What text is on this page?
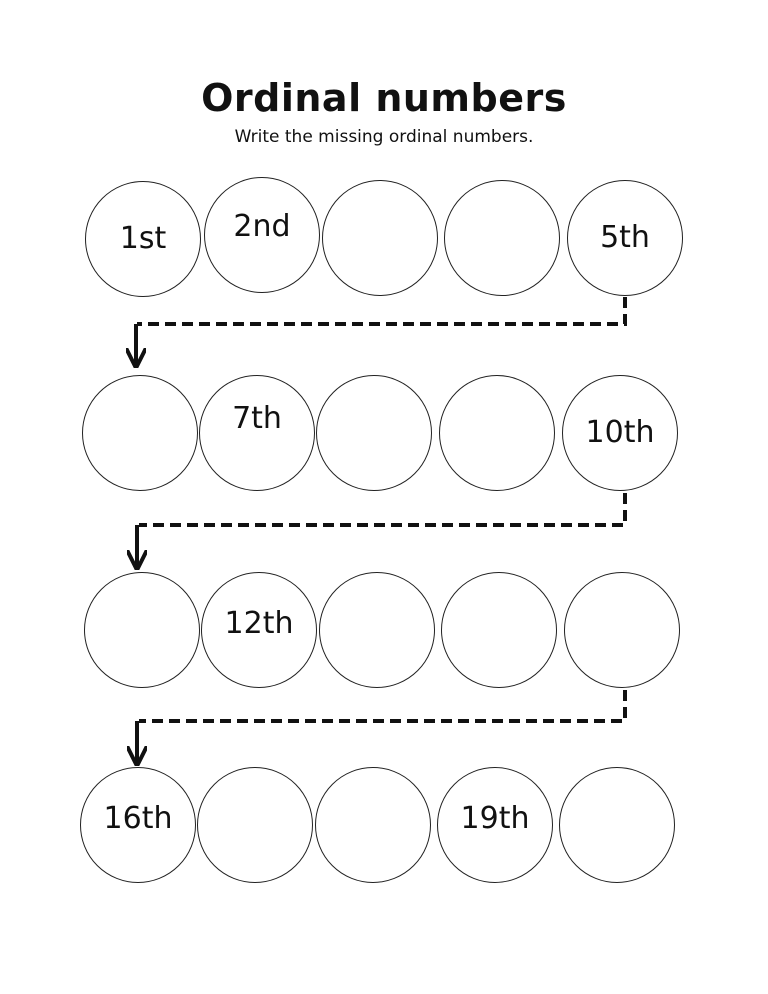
Ordinal numbers
Write the missing ordinal numbers.
1st 2nd	5th
7th	10th
12th
16th	19th
